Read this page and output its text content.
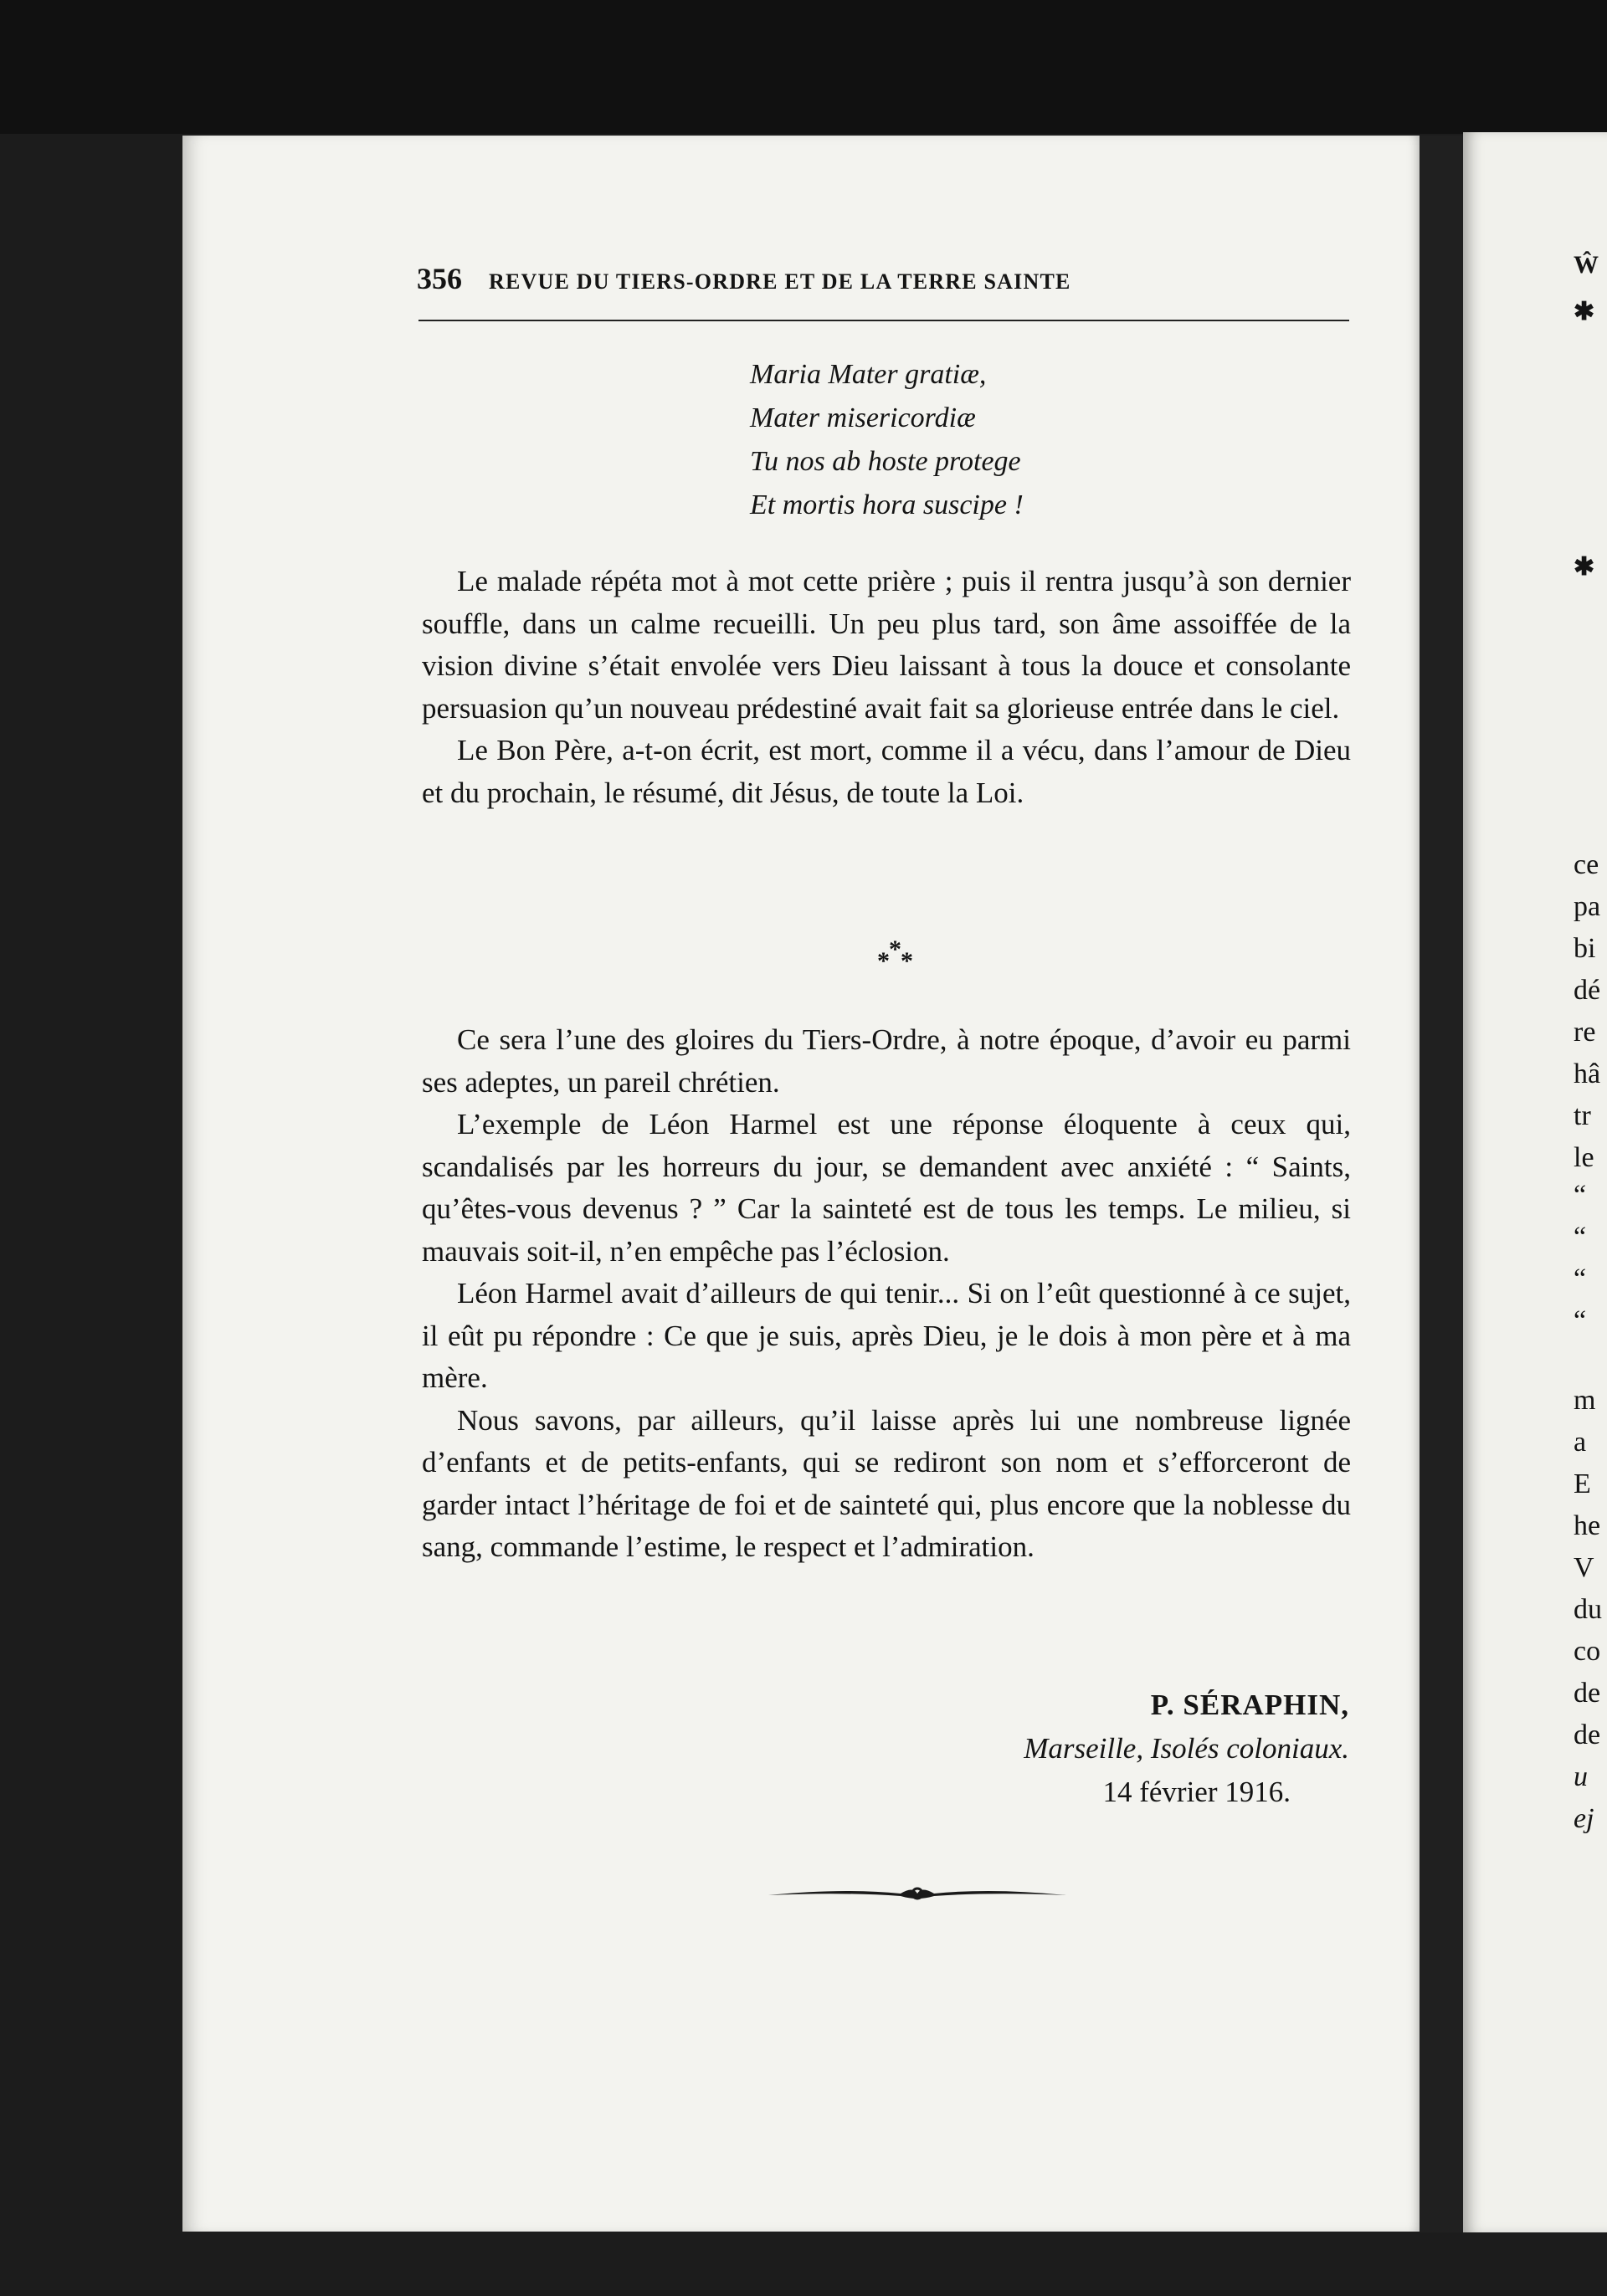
356 REVUE DU TIERS-ORDRE ET DE LA TERRE SAINTE
Maria Mater gratiæ,
Mater misericordiæ
Tu nos ab hoste protege
Et mortis hora suscipe !

Le malade répéta mot à mot cette prière ; puis il rentra jusqu’à son dernier souffle, dans un calme recueilli. Un peu plus tard, son âme assoiffée de la vision divine s’était envolée vers Dieu laissant à tous la douce et consolante persuasion qu’un nouveau prédestiné avait fait sa glorieuse entrée dans le ciel.

Le Bon Père, a-t-on écrit, est mort, comme il a vécu, dans l’amour de Dieu et du prochain, le résumé, dit Jésus, de toute la Loi.

*
* *

Ce sera l’une des gloires du Tiers-Ordre, à notre époque, d’avoir eu parmi ses adeptes, un pareil chrétien.

L’exemple de Léon Harmel est une réponse éloquente à ceux qui, scandalisés par les horreurs du jour, se demandent avec anxiété : “ Saints, qu’êtes-vous devenus ? ” Car la sainteté est de tous les temps. Le milieu, si mauvais soit-il, n’en empêche pas l’éclosion.

Léon Harmel avait d’ailleurs de qui tenir... Si on l’eût questionné à ce sujet, il eût pu répondre : Ce que je suis, après Dieu, je le dois à mon père et à ma mère.

Nous savons, par ailleurs, qu’il laisse après lui une nombreuse lignée d’enfants et de petits-enfants, qui se rediront son nom et s’efforceront de garder intact l’héritage de foi et de sainteté qui, plus encore que la noblesse du sang, commande l’estime, le respect et l’admiration.

P. SÉRAPHIN,
Marseille, Isolés coloniaux.
14 février 1916.
Ŵ
✱
✱
ce
pa
bi
dé
re
hâ
tr
le
“
“
“
“
m
a
E
he
V
du
co
de
de
u
ej
